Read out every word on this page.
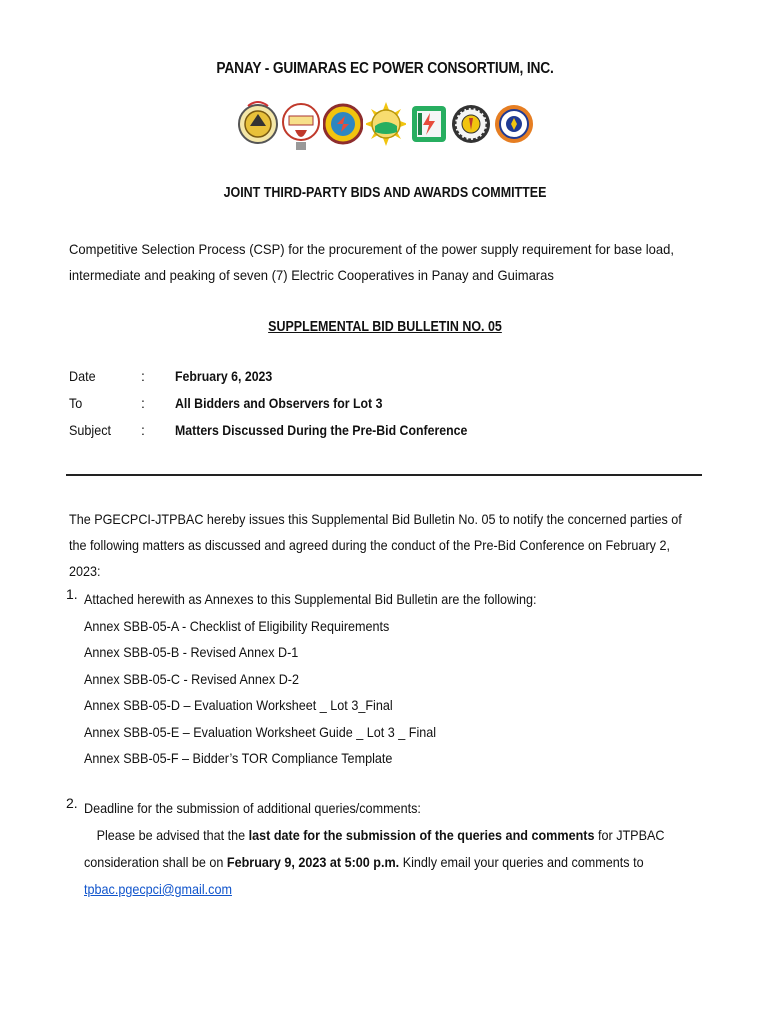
PANAY - GUIMARAS EC POWER CONSORTIUM, INC.
JOINT THIRD-PARTY BIDS AND AWARDS COMMITTEE
Competitive Selection Process (CSP) for the procurement of the power supply requirement for base load, intermediate and peaking of seven (7) Electric Cooperatives in Panay and Guimaras
SUPPLEMENTAL BID BULLETIN NO. 05
Date	: February 6, 2023
To	: All Bidders and Observers for Lot 3
Subject	: Matters Discussed During the Pre-Bid Conference
The PGECPCI-JTPBAC hereby issues this Supplemental Bid Bulletin No. 05 to notify the concerned parties of the following matters as discussed and agreed during the conduct of the Pre-Bid Conference on February 2, 2023:
1. Attached herewith as Annexes to this Supplemental Bid Bulletin are the following:
Annex SBB-05-A - Checklist of Eligibility Requirements
Annex SBB-05-B - Revised Annex D-1
Annex SBB-05-C - Revised Annex D-2
Annex SBB-05-D – Evaluation Worksheet _ Lot 3_Final
Annex SBB-05-E – Evaluation Worksheet Guide _ Lot 3 _ Final
Annex SBB-05-F – Bidder’s TOR Compliance Template
2. Deadline for the submission of additional queries/comments:
Please be advised that the last date for the submission of the queries and comments for JTPBAC consideration shall be on February 9, 2023 at 5:00 p.m. Kindly email your queries and comments to tpbac.pgecpci@gmail.com
